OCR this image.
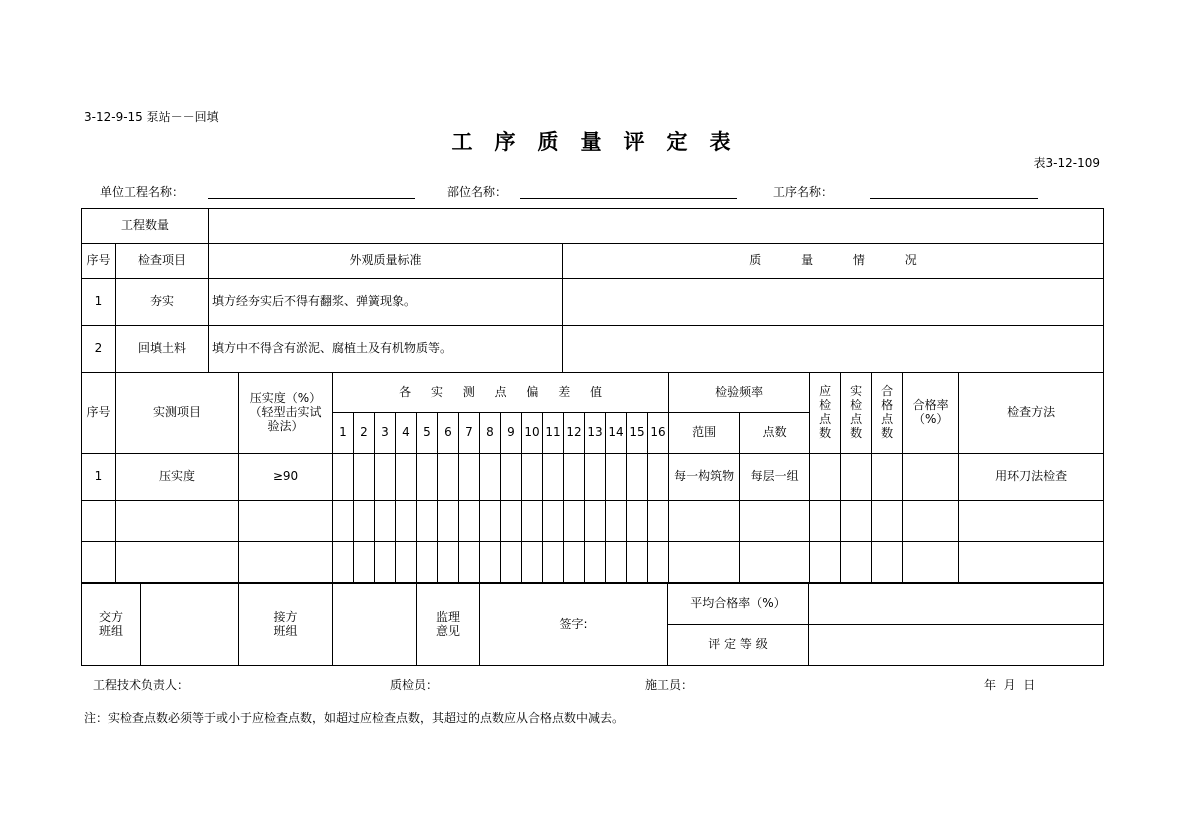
3-12-9-15 泵站－－回填
工序质量评定表
表3-12-109
单位工程名称：	部位名称：	工序名称：
工程数量			
序号	检查项目	外观质量标准	质 量 情 况
1	夯实	填方经夯实后不得有翻浆、弹簧现象。	
2	回填土料	填方中不得含有淤泥、腐植土及有机物质等。	
序号	实测项目	压实度（%）（轻型击实试验法）	各 实 测 点 偏 差 值																检验频率		应检点数	实检点数	合格点数	合格率（%）	检查方法
			1	2	3	4	5	6	7	8	9	10	11	12	13	14	15	16	范围	点数					
1	压实度	≥90																	每一构筑物	每层一组					用环刀法检查

交方班组		接方班组		监理意见	签字:	平均合格率（%）	
						评 定 等 级	
工程技术负责人：	质检员：	施工员：	年  月  日
注：实检查点数必须等于或小于应检查点数，如超过应检查点数，其超过的点数应从合格点数中减去。
